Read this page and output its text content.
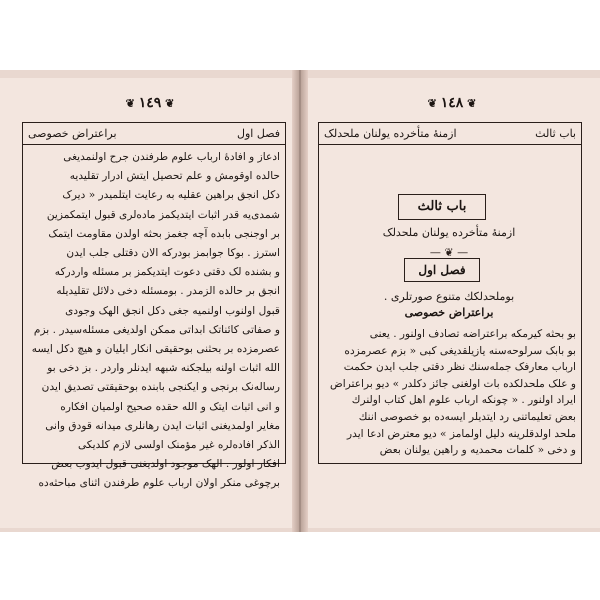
❦ ١٤٩ ❦
فصل اول
براعتراض خصوصی
ادعاز و افادهٔ ارباب علوم طرفندن جرح اولنمدیغی
حالده اوقومش و علم تحصیل ایتش ادرار تقلیدیه
دکل انجق براهین عقلیه به رعایت ایتلمیدر « دیرک
شمدی‌یه قدر اثبات ایتدیکمز ماده‌لری قبول ایتمکمزین
بر اوجنجی بابده آچه جغمز بحثه اولدن مقاومت ایتمک
استرز . بوکا جوابمز بودرکه الان دقتلی جلب ایدن
و بشنده لک دقتی دعوت ایتدیکمز بر مسئله واردرکه
انجق بر حالده الزمدر . بومسئله دخی دلائل تقلیدیله
قبول اولنوب اولنمیه جغی دکل انجق الهک وجودی
و صفاتی کائناتک ابداتی ممکن اولدیغی مسئله‌سیدر . بزم
عصرمزده بر بحثنی بوحقیقی انکار ایلیان و هیچ دکل ایسه
الله اثبات اولنه بیلجکنه شبهه ایدنلر واردر . بز دخی بو
رساله‌نک برنجی و ایکنجی بابنده بوحقیقتی تصدیق ایدن
و انی اثبات ایتک و الله حقده صحیح اولمیان افکاره
مغایر اولمدیغنی اثبات ایدن رهانلری میدانه قودق وانی
الذکر افاده‌لره غیر مؤمنک اولسی لازم کلدیکی
افکار اولور . الهک موجود اولدیغنی قبول ایدوب بعض
برچوغی منکر اولان ارباب علوم طرفندن اثنای مباحثه‌ده
❦ ١٤٨ ❦
باب ثالث
ازمنهٔ متأخرده یولنان ملحدلک
باب ثالث
ازمنهٔ متأخرده یولنان ملحدلک
— ❦ —
فصل اول
بوملحدلکك متنوع صورتلری .
براعتراض خصوصی
بو بحثه کیرمکه براعتراضه تصادف اولنور . یعنی
بو بابک سرلوحه‌سنه یازیلقدیغی کبی « بزم عصرمزده
ارباب معارفک جمله‌سنك نظر دقتی جلب ایدن حکمت
و علک ملحدلکده بات اولغنی جائز دکلدر » دیو براعتراض
ایراد اولنور . « چونکه ارباب علوم اهل کتاب اولنرك
بعض تعلیماتنی رد ایتدیلر ایسه‌ده بو خصوصی اننك
ملحد اولدقلرینه دلیل اولمامز » دیو معترض ادعا ایدر
و دخی « کلمات محمدیه و راهین یولنان بعض
